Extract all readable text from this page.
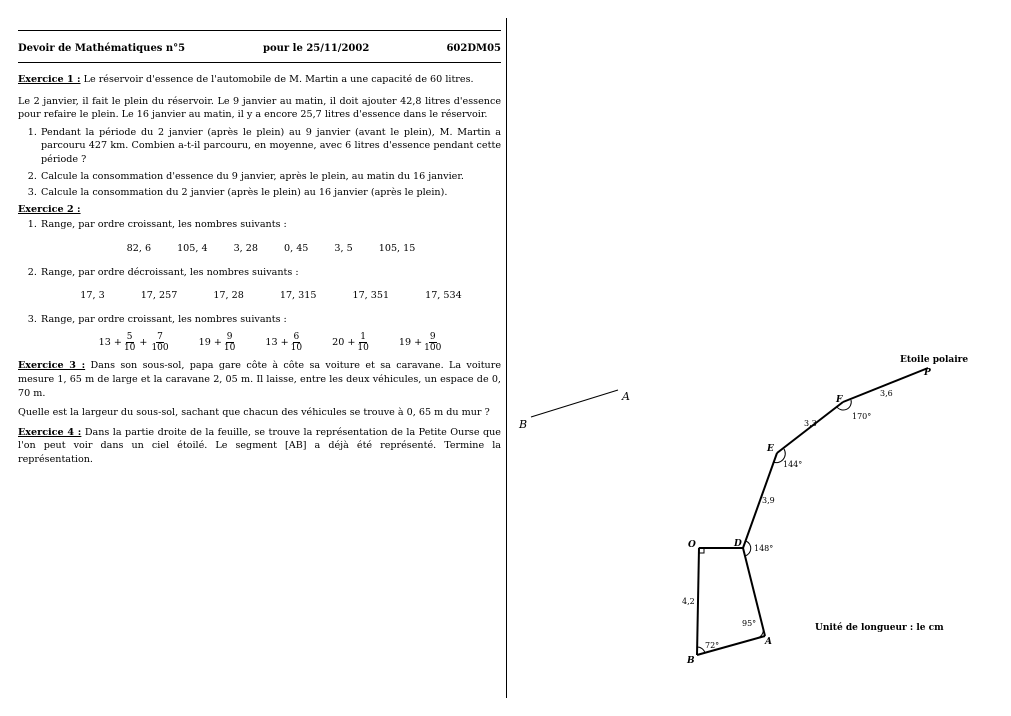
Devoir de Mathématiques n°5	pour le 25/11/2002	602DM05

Exercice 1 : Le réservoir d'essence de l'automobile de M. Martin a une capacité de 60 litres.

Le 2 janvier, il fait le plein du réservoir. Le 9 janvier au matin, il doit ajouter 42,8 litres d'essence pour refaire le plein. Le 16 janvier au matin, il y a encore 25,7 litres d'essence dans le réservoir.

1. Pendant la période du 2 janvier (après le plein) au 9 janvier (avant le plein), M. Martin a parcouru 427 km. Combien a-t-il parcouru, en moyenne, avec 6 litres d'essence pendant cette période ?
2. Calcule la consommation d'essence du 9 janvier, après le plein, au matin du 16 janvier.
3. Calcule la consommation du 2 janvier (après le plein) au 16 janvier (après le plein).

Exercice 2 :

1. Range, par ordre croissant, les nombres suivants :
82, 6	105, 4	3, 28	0, 45	3, 5	105, 15
2. Range, par ordre décroissant, les nombres suivants :
17, 3	17, 257	17, 28	17, 315	17, 351	17, 534
3. Range, par ordre croissant, les nombres suivants :
$13 + \frac{5}{10} + \frac{7}{100}$	$19 + \frac{9}{10}$	$13 + \frac{6}{10}$	$20 + \frac{1}{10}$	$19 + \frac{9}{100}$

Exercice 3 : Dans son sous-sol, papa gare côte à côte sa voiture et sa caravane. La voiture mesure 1, 65 m de large et la caravane 2, 05 m. Il laisse, entre les deux véhicules, un espace de 0, 70 m.

Quelle est la largeur du sous-sol, sachant que chacun des véhicules se trouve à 0, 65 m du mur ?

Exercice 4 : Dans la partie droite de la feuille, se trouve la représentation de la Petite Ourse que l'on peut voir dans un ciel étoilé. Le segment [AB] a déjà été représenté. Termine la représentation.

A
B
O	D
E
F
P
A
B
4,2
3,9
3,3
3,6
148°
144°
170°
95°
72°
Etoile polaire
Unité de longueur : le cm
